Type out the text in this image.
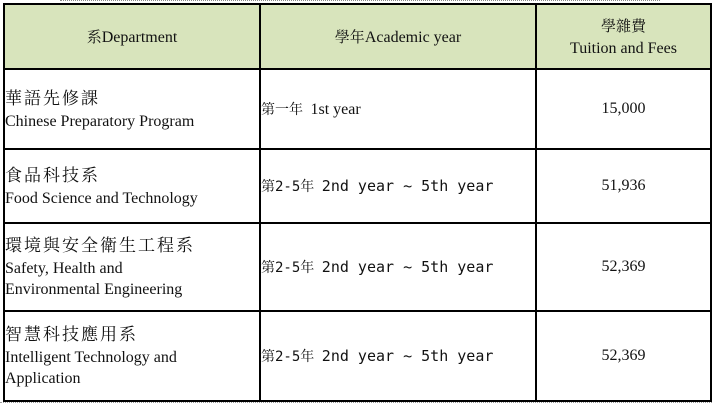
系Department	學年Academic year	學雜費
Tuition and Fees

華語先修課
Chinese Preparatory Program	第一年 1st year	15,000

食品科技系
Food Science and Technology	第2-5年 2nd year ~ 5th year	51,936

環境與安全衛生工程系
Safety, Health and
Environmental Engineering	第2-5年 2nd year ~ 5th year	52,369

智慧科技應用系
Intelligent Technology and
Application	第2-5年 2nd year ~ 5th year	52,369
